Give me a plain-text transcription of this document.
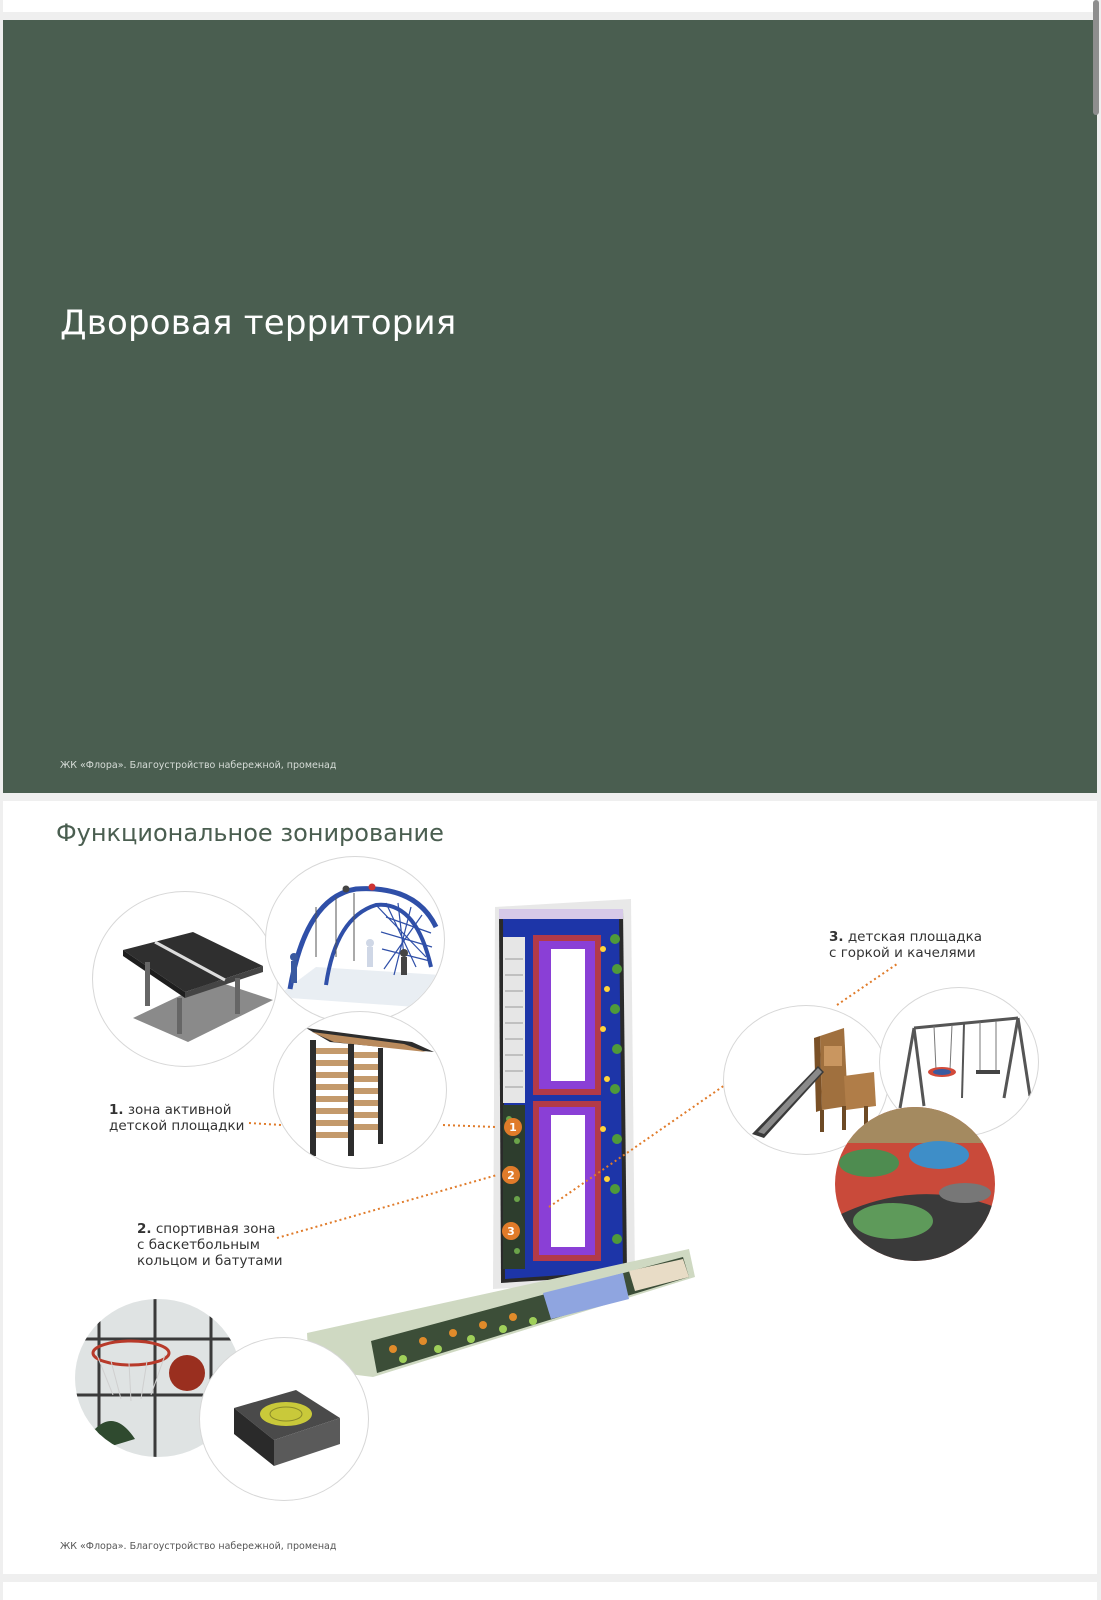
Дворовая территория
ЖК «Флора». Благоустройство набережной, променад
Функциональное зонирование
1
2
3
1. зона активной
детской площадки
2. спортивная зона
с баскетбольным
кольцом и батутами
3. детская площадка
с горкой и качелями
ЖК «Флора». Благоустройство набережной, променад
